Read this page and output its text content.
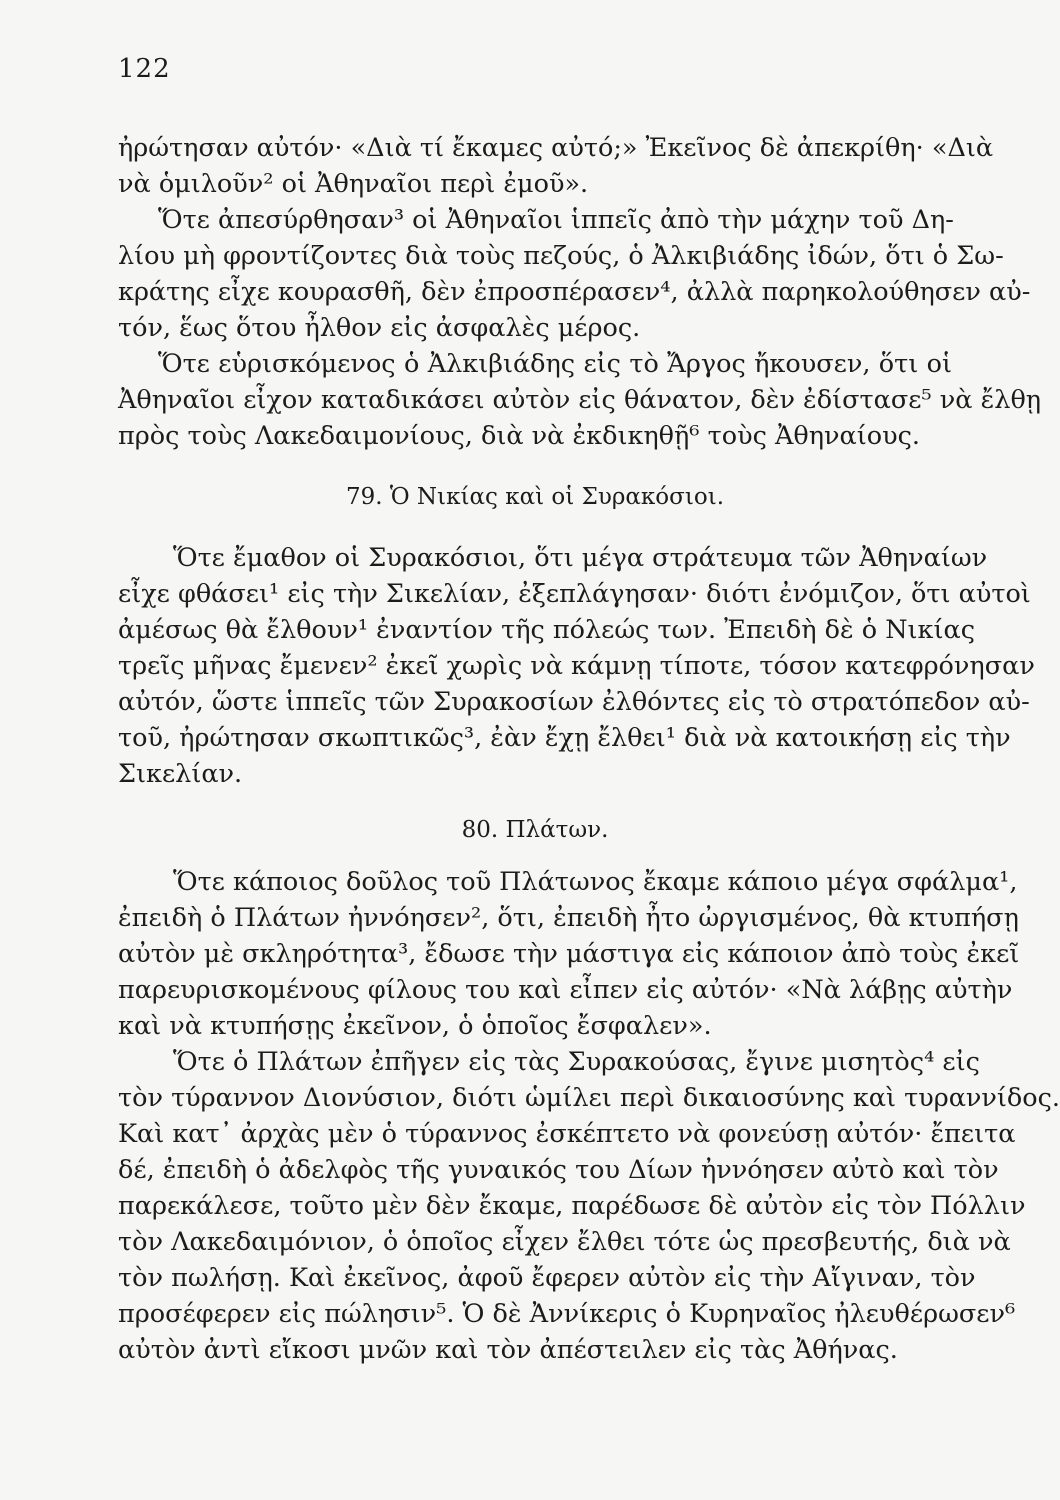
122
ἠρώτησαν αὐτόν· «Διὰ τί ἔκαμες αὐτό;» Ἐκεῖνος δὲ ἀπεκρίθη· «Διὰ
νὰ ὁμιλοῦν² οἱ Ἀθηναῖοι περὶ ἐμοῦ».
Ὅτε ἀπεσύρθησαν³ οἱ Ἀθηναῖοι ἱππεῖς ἀπὸ τὴν μάχην τοῦ Δη-
λίου μὴ φροντίζοντες διὰ τοὺς πεζούς, ὁ Ἀλκιβιάδης ἰδών, ὅτι ὁ Σω-
κράτης εἶχε κουρασθῆ, δὲν ἐπροσπέρασεν⁴, ἀλλὰ παρηκολούθησεν αὐ-
τόν, ἕως ὅτου ἦλθον εἰς ἀσφαλὲς μέρος.
Ὅτε εὑρισκόμενος ὁ Ἀλκιβιάδης εἰς τὸ Ἄργος ἤκουσεν, ὅτι οἱ
Ἀθηναῖοι εἶχον καταδικάσει αὐτὸν εἰς θάνατον, δὲν ἐδίστασε⁵ νὰ ἔλθῃ
πρὸς τοὺς Λακεδαιμονίους, διὰ νὰ ἐκδικηθῇ⁶ τοὺς Ἀθηναίους.
79. Ὁ Νικίας καὶ οἱ Συρακόσιοι.
Ὅτε ἔμαθον οἱ Συρακόσιοι, ὅτι μέγα στράτευμα τῶν Ἀθηναίων
εἶχε φθάσει¹ εἰς τὴν Σικελίαν, ἐξεπλάγησαν· διότι ἐνόμιζον, ὅτι αὐτοὶ
ἀμέσως θὰ ἔλθουν¹ ἐναντίον τῆς πόλεώς των. Ἐπειδὴ δὲ ὁ Νικίας
τρεῖς μῆνας ἔμενεν² ἐκεῖ χωρὶς νὰ κάμνῃ τίποτε, τόσον κατεφρόνησαν
αὐτόν, ὥστε ἱππεῖς τῶν Συρακοσίων ἐλθόντες εἰς τὸ στρατόπεδον αὐ-
τοῦ, ἠρώτησαν σκωπτικῶς³, ἐὰν ἔχῃ ἔλθει¹ διὰ νὰ κατοικήσῃ εἰς τὴν
Σικελίαν.
80. Πλάτων.
Ὅτε κάποιος δοῦλος τοῦ Πλάτωνος ἔκαμε κάποιο μέγα σφάλμα¹,
ἐπειδὴ ὁ Πλάτων ἠννόησεν², ὅτι, ἐπειδὴ ἦτο ὠργισμένος, θὰ κτυπήσῃ
αὐτὸν μὲ σκληρότητα³, ἔδωσε τὴν μάστιγα εἰς κάποιον ἀπὸ τοὺς ἐκεῖ
παρευρισκομένους φίλους του καὶ εἶπεν εἰς αὐτόν· «Νὰ λάβῃς αὐτὴν
καὶ νὰ κτυπήσῃς ἐκεῖνον, ὁ ὁποῖος ἔσφαλεν».
Ὅτε ὁ Πλάτων ἐπῆγεν εἰς τὰς Συρακούσας, ἔγινε μισητὸς⁴ εἰς
τὸν τύραννον Διονύσιον, διότι ὡμίλει περὶ δικαιοσύνης καὶ τυραννίδος.
Καὶ κατ᾽ ἀρχὰς μὲν ὁ τύραννος ἐσκέπτετο νὰ φονεύσῃ αὐτόν· ἔπειτα
δέ, ἐπειδὴ ὁ ἀδελφὸς τῆς γυναικός του Δίων ἠννόησεν αὐτὸ καὶ τὸν
παρεκάλεσε, τοῦτο μὲν δὲν ἔκαμε, παρέδωσε δὲ αὐτὸν εἰς τὸν Πόλλιν
τὸν Λακεδαιμόνιον, ὁ ὁποῖος εἶχεν ἔλθει τότε ὡς πρεσβευτής, διὰ νὰ
τὸν πωλήσῃ. Καὶ ἐκεῖνος, ἀφοῦ ἔφερεν αὐτὸν εἰς τὴν Αἴγιναν, τὸν
προσέφερεν εἰς πώλησιν⁵. Ὁ δὲ Ἀννίκερις ὁ Κυρηναῖος ἠλευθέρωσεν⁶
αὐτὸν ἀντὶ εἴκοσι μνῶν καὶ τὸν ἀπέστειλεν εἰς τὰς Ἀθήνας.
